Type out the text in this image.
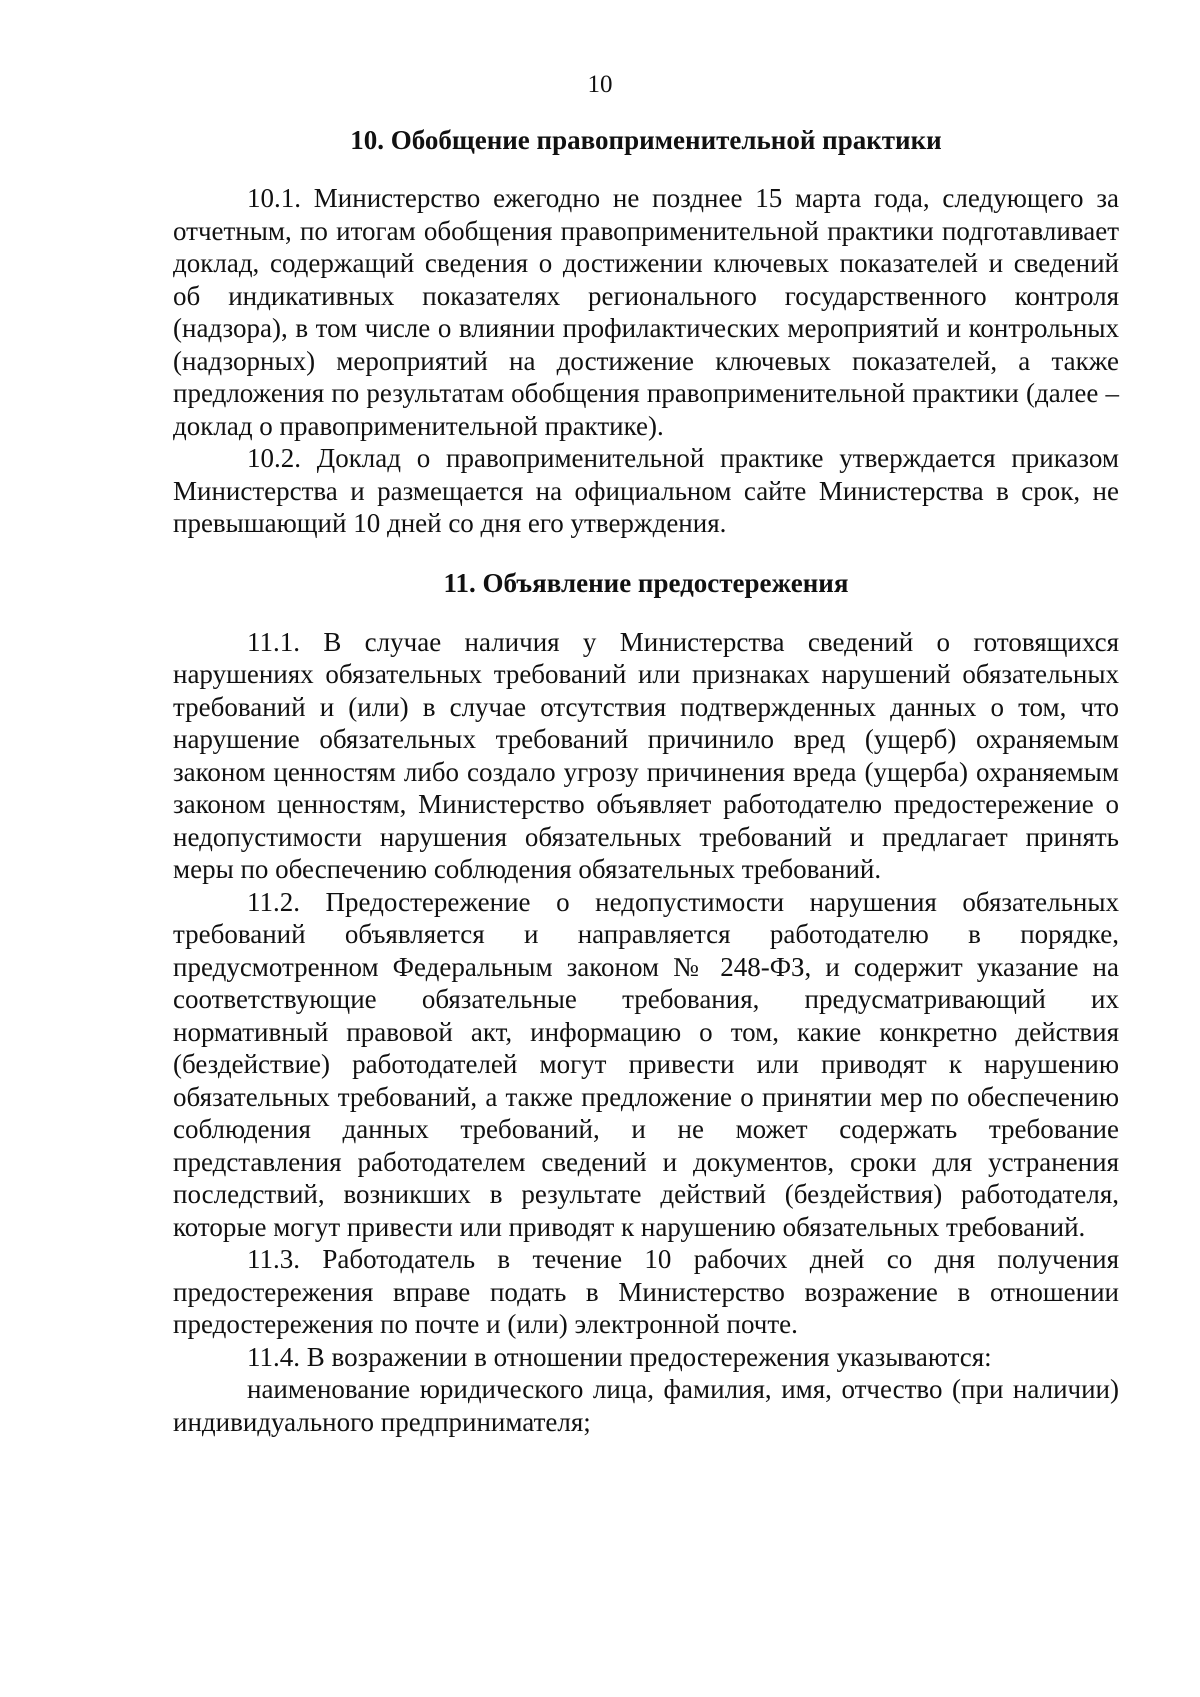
10
10. Обобщение правоприменительной практики

10.1. Министерство ежегодно не позднее 15 марта года, следующего за отчетным, по итогам обобщения правоприменительной практики подготавливает доклад, содержащий сведения о достижении ключевых показателей и сведений об индикативных показателях регионального государственного контроля (надзора), в том числе о влиянии профилактических мероприятий и контрольных (надзорных) мероприятий на достижение ключевых показателей, а также предложения по результатам обобщения правоприменительной практики (далее – доклад о правоприменительной практике).

10.2. Доклад о правоприменительной практике утверждается приказом Министерства и размещается на официальном сайте Министерства в срок, не превышающий 10 дней со дня его утверждения.

11. Объявление предостережения

11.1. В случае наличия у Министерства сведений о готовящихся нарушениях обязательных требований или признаках нарушений обязательных требований и (или) в случае отсутствия подтвержденных данных о том, что нарушение обязательных требований причинило вред (ущерб) охраняемым законом ценностям либо создало угрозу причинения вреда (ущерба) охраняемым законом ценностям, Министерство объявляет работодателю предостережение о недопустимости нарушения обязательных требований и предлагает принять меры по обеспечению соблюдения обязательных требований.

11.2. Предостережение о недопустимости нарушения обязательных требований объявляется и направляется работодателю в порядке, предусмотренном Федеральным законом № 248-ФЗ, и содержит указание на соответствующие обязательные требования, предусматривающий их нормативный правовой акт, информацию о том, какие конкретно действия (бездействие) работодателей могут привести или приводят к нарушению обязательных требований, а также предложение о принятии мер по обеспечению соблюдения данных требований, и не может содержать требование представления работодателем сведений и документов, сроки для устранения последствий, возникших в результате действий (бездействия) работодателя, которые могут привести или приводят к нарушению обязательных требований.

11.3. Работодатель в течение 10 рабочих дней со дня получения предостережения вправе подать в Министерство возражение в отношении предостережения по почте и (или) электронной почте.

11.4. В возражении в отношении предостережения указываются:

наименование юридического лица, фамилия, имя, отчество (при наличии) индивидуального предпринимателя;
